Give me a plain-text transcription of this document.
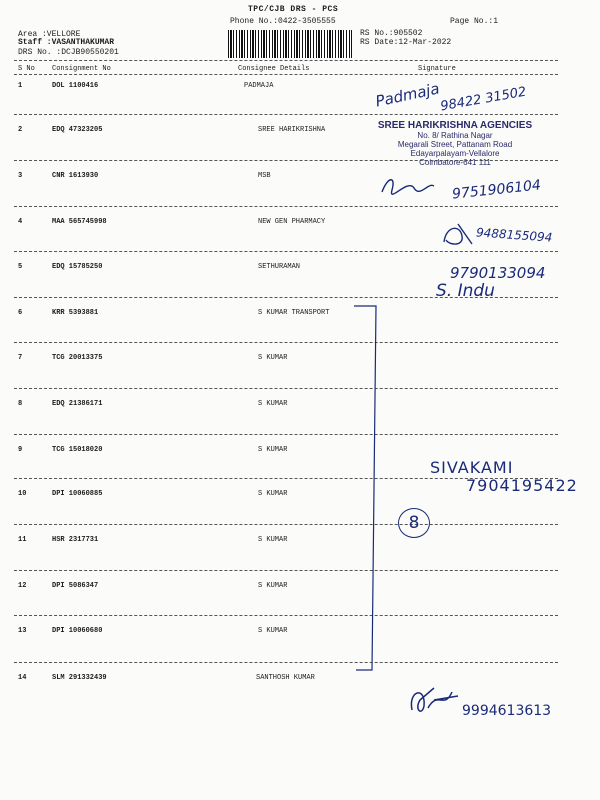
TPC/CJB DRS - PCS
Phone No.:0422-3505555	Page No.:1
Area :VELLORE
Staff :VASANTHAKUMAR
DRS No. :DCJB90550201
RS No.:905502
RS Date:12-Mar-2022
S No Consignment No	Consignee Details	Signature
1	DOL 1100416	PADMAJA
2	EDQ 47323205	SREE HARIKRISHNA
3	CNR 1613930	MSB
4	MAA 565745998	NEW GEN PHARMACY
5	EDQ 15785250	SETHURAMAN
6	KRR 5393881	S KUMAR TRANSPORT
7	TCG 20013375	S KUMAR
8	EDQ 21386171	S KUMAR
9	TCG 15018020	S KUMAR
10	DPI 10060885	S KUMAR
11	HSR 2317731	S KUMAR
12	DPI 5086347	S KUMAR
13	DPI 10060680	S KUMAR
14	SLM 291332439	SANTHOSH KUMAR
SREE HARIKRISHNA AGENCIES
No. 8/ Rathina Nagar
Megarali Street, Pattanam Road
Edayarpalayam-Vellalore
Coimbatore-641 111
Padmaja
98422 31502
9751906104
9488155094
9790133094
S. Indu
SIVAKAMI
7904195422
8
9994613613
